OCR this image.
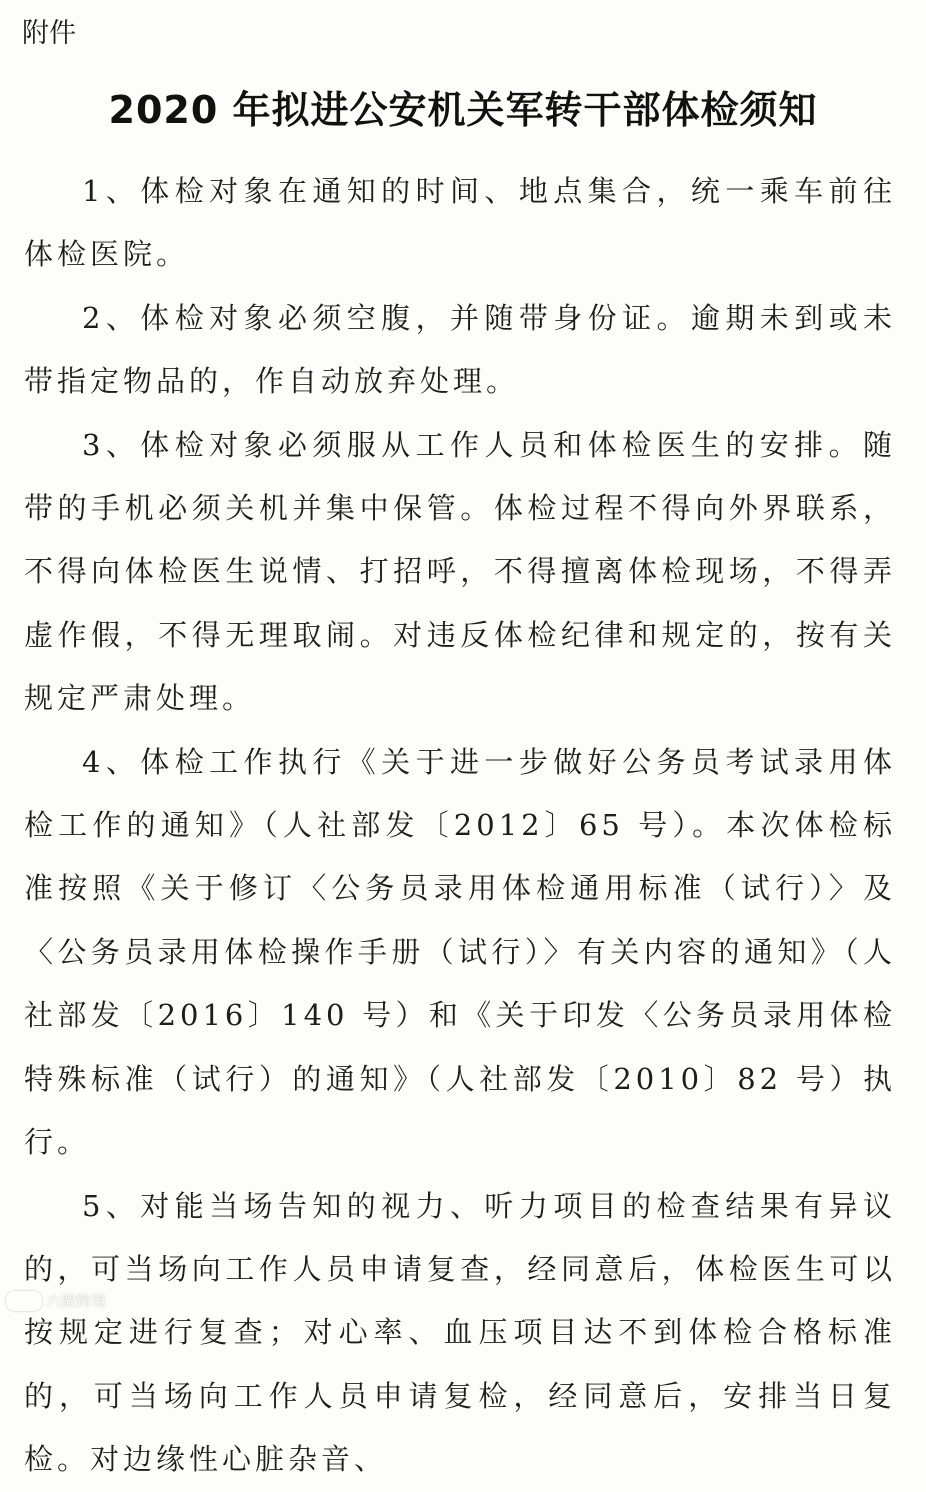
附件
2020 年拟进公安机关军转干部体检须知

1、体检对象在通知的时间、地点集合，统一乘车前往体检医院。

2、体检对象必须空腹，并随带身份证。逾期未到或未带指定物品的，作自动放弃处理。

3、体检对象必须服从工作人员和体检医生的安排。随带的手机必须关机并集中保管。体检过程不得向外界联系，不得向体检医生说情、打招呼，不得擅离体检现场，不得弄虚作假，不得无理取闹。对违反体检纪律和规定的，按有关规定严肃处理。

4、体检工作执行《关于进一步做好公务员考试录用体检工作的通知》（人社部发〔2012〕65 号）。本次体检标准按照《关于修订〈公务员录用体检通用标准（试行）〉及〈公务员录用体检操作手册（试行）〉有关内容的通知》（人社部发〔2016〕140 号）和《关于印发〈公务员录用体检特殊标准（试行）的通知》（人社部发〔2010〕82 号）执行。

5、对能当场告知的视力、听力项目的检查结果有异议的，可当场向工作人员申请复查，经同意后，体检医生可以按规定进行复查；对心率、血压项目达不到体检合格标准的，可当场向工作人员申请复检，经同意后，安排当日复检。对边缘性心脏杂音、

六散跨境
